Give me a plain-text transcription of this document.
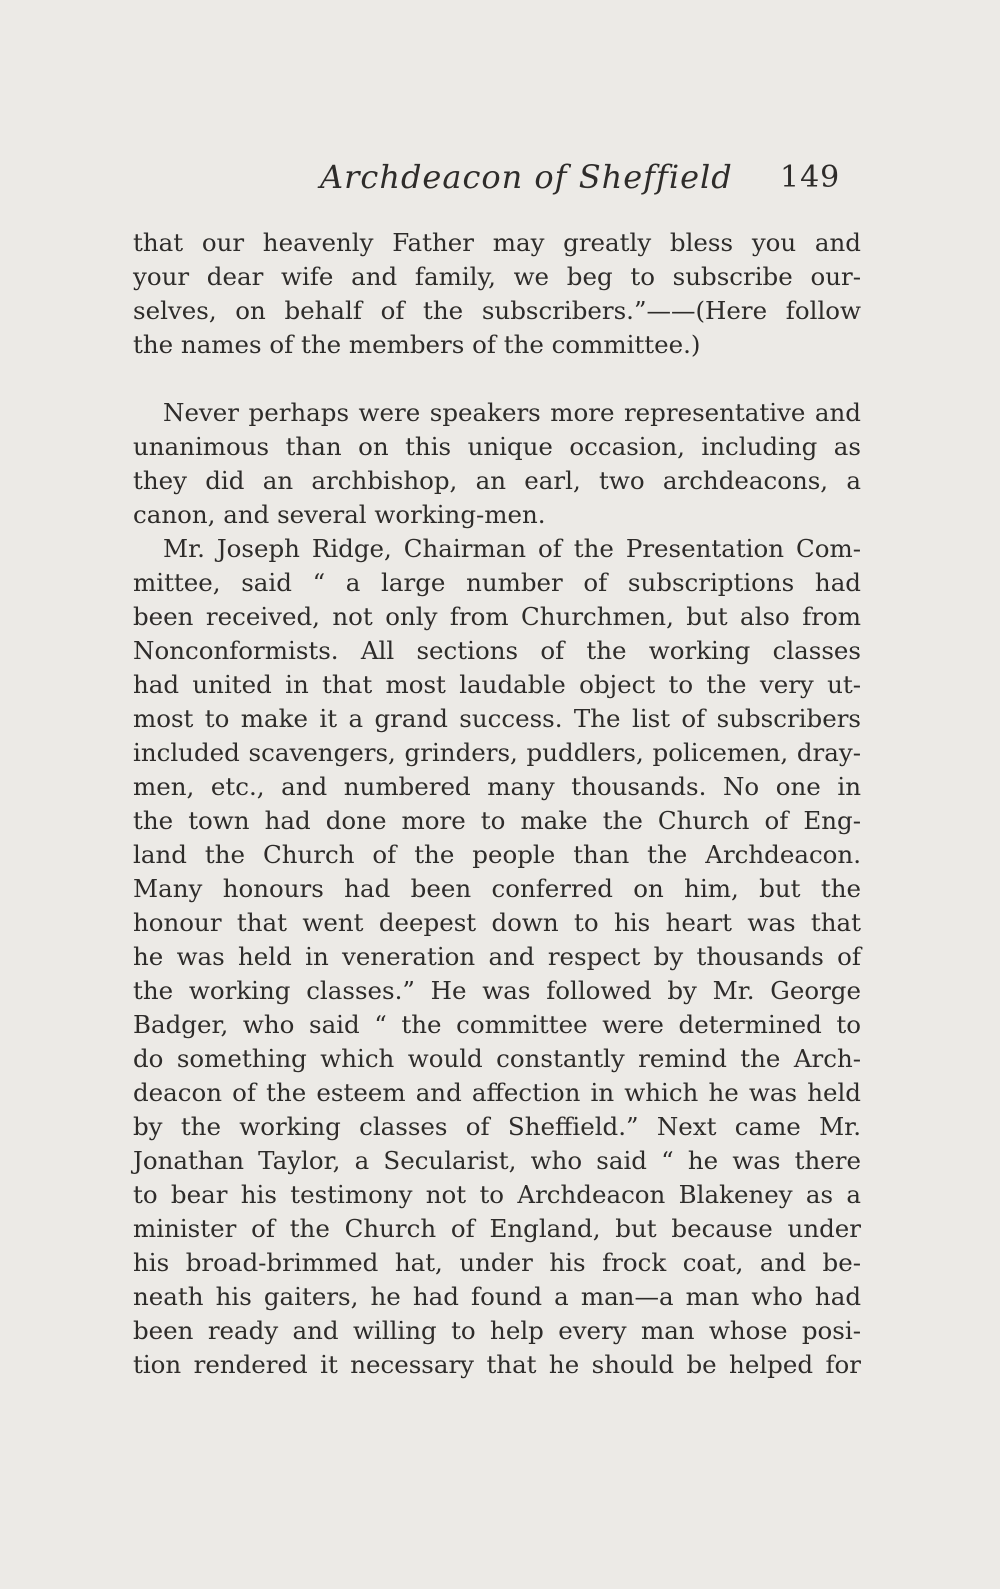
Archdeacon of Sheffield 149
that our heavenly Father may greatly bless you and
your dear wife and family, we beg to subscribe our-
selves, on behalf of the subscribers.”——(Here follow
the names of the members of the committee.)
Never perhaps were speakers more representative and
unanimous than on this unique occasion, including as
they did an archbishop, an earl, two archdeacons, a
canon, and several working-men.
Mr. Joseph Ridge, Chairman of the Presentation Com-
mittee, said “ a large number of subscriptions had
been received, not only from Churchmen, but also from
Nonconformists. All sections of the working classes
had united in that most laudable object to the very ut-
most to make it a grand success. The list of subscribers
included scavengers, grinders, puddlers, policemen, dray-
men, etc., and numbered many thousands. No one in
the town had done more to make the Church of Eng-
land the Church of the people than the Archdeacon.
Many honours had been conferred on him, but the
honour that went deepest down to his heart was that
he was held in veneration and respect by thousands of
the working classes.” He was followed by Mr. George
Badger, who said “ the committee were determined to
do something which would constantly remind the Arch-
deacon of the esteem and affection in which he was held
by the working classes of Sheffield.” Next came Mr.
Jonathan Taylor, a Secularist, who said “ he was there
to bear his testimony not to Archdeacon Blakeney as a
minister of the Church of England, but because under
his broad-brimmed hat, under his frock coat, and be-
neath his gaiters, he had found a man—a man who had
been ready and willing to help every man whose posi-
tion rendered it necessary that he should be helped for
